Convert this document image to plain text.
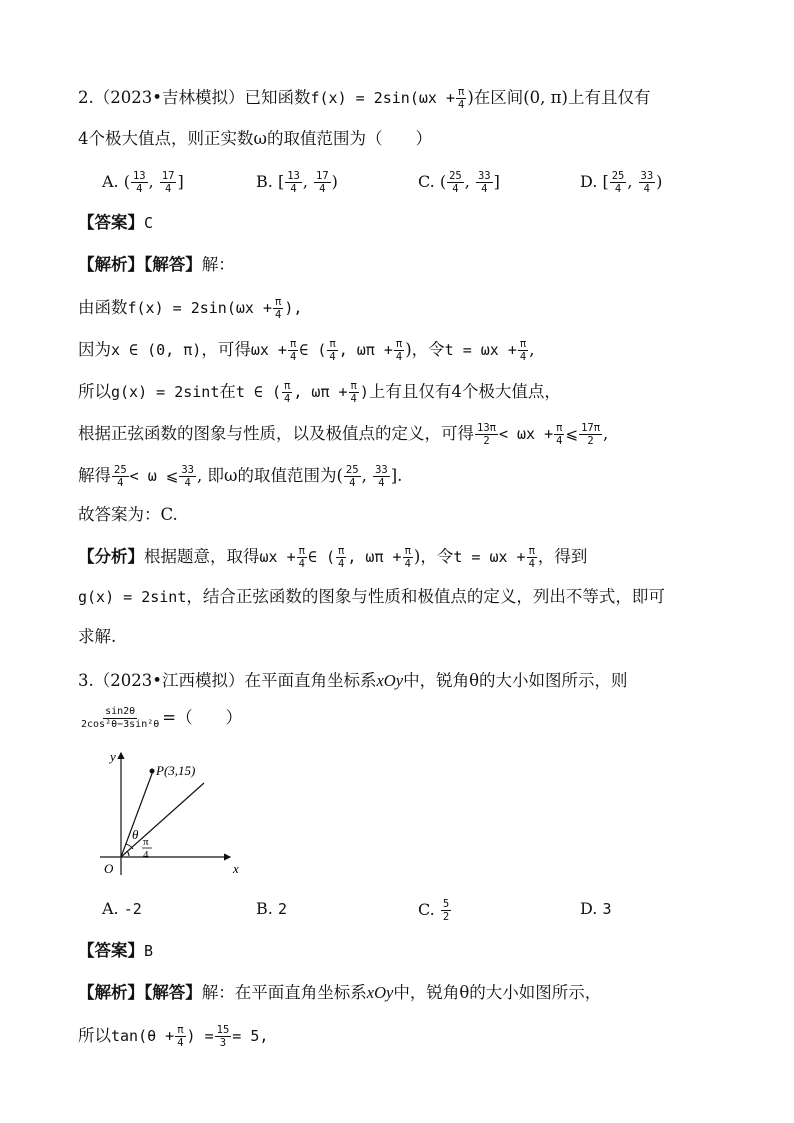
2.（2023•吉林模拟）已知函数$f(x) = 2\sin(\omega x + \frac{\pi}{4}$ )在区间(0, π)上有且仅有
4个极大值点，则正实数ω的取值范围为（　　）
A. ( $\frac{13}{4}$ , $\frac{17}{4}$ ]	B. [ $\frac{13}{4}$ , $\frac{17}{4}$ )	C. ( $\frac{25}{4}$ , $\frac{33}{4}$ ]	D. [ $\frac{25}{4}$ , $\frac{33}{4}$ )
【答案】C
【解析】【解答】解：
由函数$f(x) = 2\sin(\omega x + \frac{\pi}{4}$ ),
因为x ∈ (0, π)，可得$\omega x + \frac{\pi}{4}$ ∈ ( $\frac{\pi}{4}$ , $\omega\pi + \frac{\pi}{4}$ )，令$t = \omega x + \frac{\pi}{4}$ ,
所以g(x) = 2sint在t ∈ ( $\frac{\pi}{4}$ , $\omega\pi + \frac{\pi}{4}$ )上有且仅有4个极大值点，
根据正弦函数的图象与性质，以及极值点的定义，可得 $\frac{13\pi}{2} < \omega x + \frac{\pi}{4}$ ⩽ $\frac{17\pi}{2}$ ,
解得 $\frac{25}{4} < \omega$ ⩽ $\frac{33}{4}$ , 即ω的取值范围为( $\frac{25}{4}$ , $\frac{33}{4}$ ].
故答案为：C.
【分析】根据题意，取得$\omega x + \frac{\pi}{4}$ ∈ ( $\frac{\pi}{4}$ , $\omega\pi + \frac{\pi}{4}$ )，令$t = \omega x + \frac{\pi}{4}$ ，得到
g(x) = 2sint，结合正弦函数的图象与性质和极值点的定义，列出不等式，即可
求解.
3.（2023•江西模拟）在平面直角坐标系xOy中，锐角θ的大小如图所示，则
$\frac{\sin 2\theta}{\text{2cos²θ−3sin²θ}}$ =（　　）
x
y
O
P(3,15)
θ π
4
A. -2	B. 2	C. $\frac{5}{2}$	D. 3
【答案】B
【解析】【解答】解：在平面直角坐标系xOy中，锐角θ的大小如图所示，
所以$\tan(\theta + \frac{\pi}{4}$ ) = $\frac{15}{3} = 5$,
